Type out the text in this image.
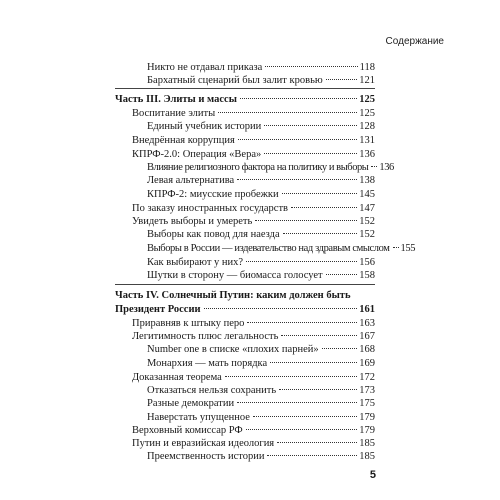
Содержание
Никто не отдавал приказа	118
Бархатный сценарий был залит кровью	121
Часть III. Элиты и массы	125
Воспитание элиты	125
Единый учебник истории	128
Внедрённая коррупция	131
КПРФ-2.0: Операция «Вера»	136
Влияние религиозного фактора на политику и выборы 136
Левая альтернатива	138
КПРФ-2: миусские пробежки	145
По заказу иностранных государств	147
Увидеть выборы и умереть	152
Выборы как повод для наезда	152
Выборы в России — издевательство над здравым смыслом 155
Как выбирают у них?	156
Шутки в сторону — биомасса голосует	158
Часть IV. Солнечный Путин: каким должен быть
Президент России	161
Приравняв к штыку перо	163
Легитимность плюс легальность	167
Number one в списке «плохих парней»	168
Монархия — мать порядка	169
Доказанная теорема	172
Отказаться нельзя сохранить	173
Разные демократии	175
Наверстать упущенное	179
Верховный комиссар РФ	179
Путин и евразийская идеология	185
Преемственность истории	185
5
